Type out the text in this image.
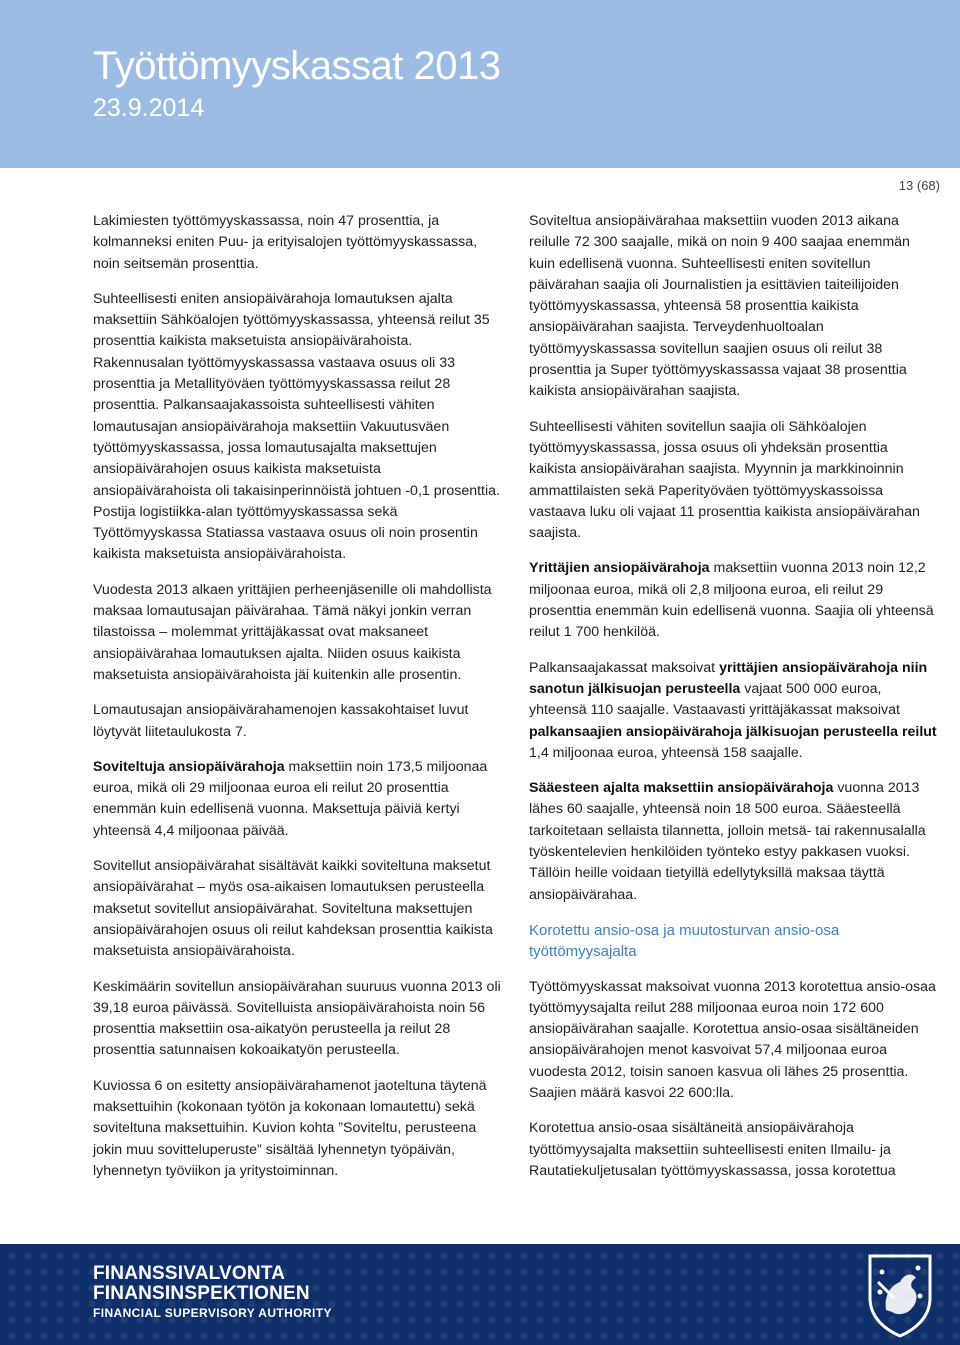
Työttömyyskassat 2013
23.9.2014
13 (68)

Lakimiesten työttömyyskassassa, noin 47 prosenttia, ja kolmanneksi eniten Puu- ja erityisalojen työttömyyskassassa, noin seitsemän prosenttia.

Suhteellisesti eniten ansiopäivärahoja lomautuksen ajalta maksettiin Sähköalojen työttömyyskassassa, yhteensä reilut 35 prosenttia kaikista maksetuista ansiopäivärahoista. Rakennusalan työttömyyskassassa vastaava osuus oli 33 prosenttia ja Metallityöväen työttömyyskassassa reilut 28 prosenttia. Palkansaajakassoista suhteellisesti vähiten lomautusajan ansiopäivärahoja maksettiin Vakuutusväen työttömyyskassassa, jossa lomautusajalta maksettujen ansiopäivärahojen osuus kaikista maksetuista ansiopäivärahoista oli takaisinperinnöistä johtuen -0,1 prosenttia. Postija logistiikka-alan työttömyyskassassa sekä Työttömyyskassa Statiassa vastaava osuus oli noin prosentin kaikista maksetuista ansiopäivärahoista.

Vuodesta 2013 alkaen yrittäjien perheenjäsenille oli mahdollista maksaa lomautusajan päivärahaa. Tämä näkyi jonkin verran tilastoissa – molemmat yrittäjäkassat ovat maksaneet ansiopäivärahaa lomautuksen ajalta. Niiden osuus kaikista maksetuista ansiopäivärahoista jäi kuitenkin alle prosentin.

Lomautusajan ansiopäivärahamenojen kassakohtaiset luvut löytyvät liitetaulukosta 7.

Soviteltuja ansiopäivärahoja maksettiin noin 173,5 miljoonaa euroa, mikä oli 29 miljoonaa euroa eli reilut 20 prosenttia enemmän kuin edellisenä vuonna. Maksettuja päiviä kertyi yhteensä 4,4 miljoonaa päivää.

Sovitellut ansiopäivärahat sisältävät kaikki soviteltuna maksetut ansiopäivärahat – myös osa-aikaisen lomautuksen perusteella maksetut sovitellut ansiopäivärahat. Soviteltuna maksettujen ansiopäivärahojen osuus oli reilut kahdeksan prosenttia kaikista maksetuista ansiopäivärahoista.

Keskimäärin sovitellun ansiopäivärahan suuruus vuonna 2013 oli 39,18 euroa päivässä. Sovitelluista ansiopäivärahoista noin 56 prosenttia maksettiin osa-aikatyön perusteella ja reilut 28 prosenttia satunnaisen kokoaikatyön perusteella.

Kuviossa 6 on esitetty ansiopäivärahamenot jaoteltuna täytenä maksettuihin (kokonaan työtön ja kokonaan lomautettu) sekä soviteltuna maksettuihin. Kuvion kohta ”Soviteltu, perusteena jokin muu sovitteluperuste” sisältää lyhennetyn työpäivän, lyhennetyn työviikon ja yritystoiminnan.

Soviteltua ansiopäivärahaa maksettiin vuoden 2013 aikana reilulle 72 300 saajalle, mikä on noin 9 400 saajaa enemmän kuin edellisenä vuonna. Suhteellisesti eniten sovitellun päivärahan saajia oli Journalistien ja esittävien taiteilijoiden työttömyyskassassa, yhteensä 58 prosenttia kaikista ansiopäivärahan saajista. Terveydenhuoltoalan työttömyyskassassa sovitellun saajien osuus oli reilut 38 prosenttia ja Super työttömyyskassassa vajaat 38 prosenttia kaikista ansiopäivärahan saajista.

Suhteellisesti vähiten sovitellun saajia oli Sähköalojen työttömyyskassassa, jossa osuus oli yhdeksän prosenttia kaikista ansiopäivärahan saajista. Myynnin ja markkinoinnin ammattilaisten sekä Paperityöväen työttömyyskassoissa vastaava luku oli vajaat 11 prosenttia kaikista ansiopäivärahan saajista.

Yrittäjien ansiopäivärahoja maksettiin vuonna 2013 noin 12,2 miljoonaa euroa, mikä oli 2,8 miljoona euroa, eli reilut 29 prosenttia enemmän kuin edellisenä vuonna. Saajia oli yhteensä reilut 1 700 henkilöä.

Palkansaajakassat maksoivat yrittäjien ansiopäivärahoja niin sanotun jälkisuojan perusteella vajaat 500 000 euroa, yhteensä 110 saajalle. Vastaavasti yrittäjäkassat maksoivat palkansaajien ansiopäivärahoja jälkisuojan perusteella reilut 1,4 miljoonaa euroa, yhteensä 158 saajalle.

Sääesteen ajalta maksettiin ansiopäivärahoja vuonna 2013 lähes 60 saajalle, yhteensä noin 18 500 euroa. Sääesteellä tarkoitetaan sellaista tilannetta, jolloin metsä- tai rakennusalalla työskentelevien henkilöiden työnteko estyy pakkasen vuoksi. Tällöin heille voidaan tietyillä edellytyksillä maksaa täyttä ansiopäivärahaa.

Korotettu ansio-osa ja muutosturvan ansio-osa työttömyysajalta

Työttömyyskassat maksoivat vuonna 2013 korotettua ansio-osaa työttömyysajalta reilut 288 miljoonaa euroa noin 172 600 ansiopäivärahan saajalle. Korotettua ansio-osaa sisältäneiden ansiopäivärahojen menot kasvoivat 57,4 miljoonaa euroa vuodesta 2012, toisin sanoen kasvua oli lähes 25 prosenttia. Saajien määrä kasvoi 22 600:lla.

Korotettua ansio-osaa sisältäneitä ansiopäivärahoja työttömyysajalta maksettiin suhteellisesti eniten Ilmailu- ja Rautatiekuljetusalan työttömyyskassassa, jossa korotettua

FINANSSIVALVONTA
FINANSINSPEKTIONEN
FINANCIAL SUPERVISORY AUTHORITY
